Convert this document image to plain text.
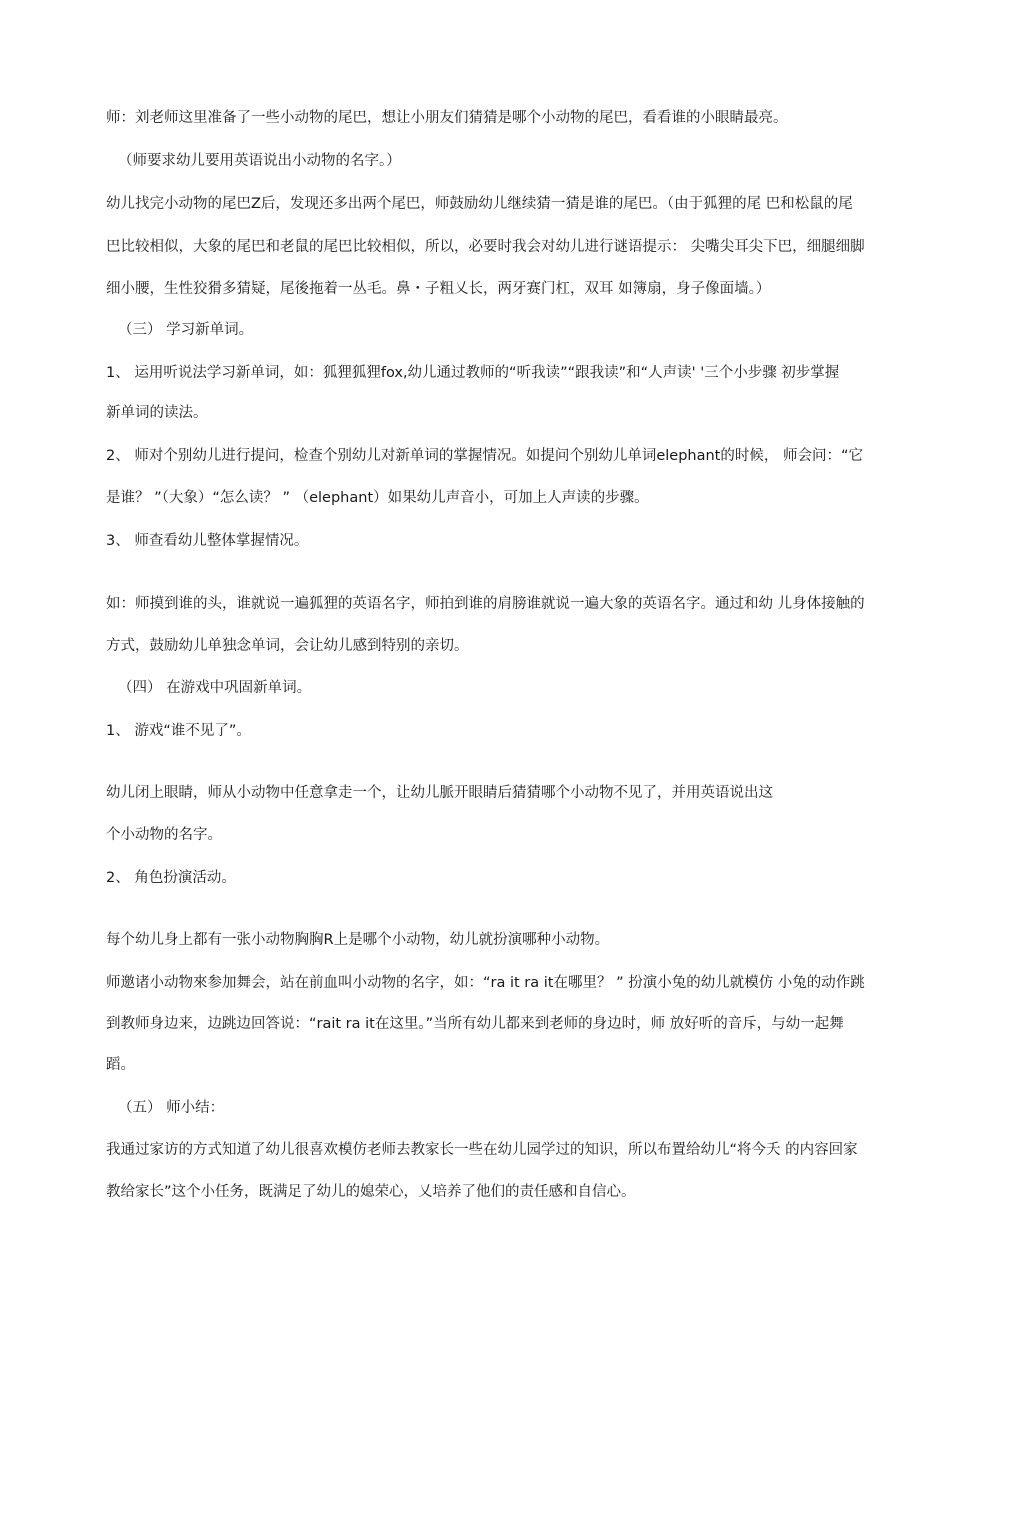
师：刘老师这里准备了一些小动物的尾巴，想让小朋友们猜猜是哪个小动物的尾巴，看看谁的小眼睛最亮。
（师要求幼儿要用英语说出小动物的名字。）
幼儿找完小动物的尾巴Z后，发现还多出两个尾巴，师鼓励幼儿继续猜一猜是谁的尾巴。（由于狐狸的尾 巴和松鼠的尾
巴比较相似，大象的尾巴和老鼠的尾巴比较相似，所以，必要时我会对幼儿进行谜语提示： 尖嘴尖耳尖下巴，细腿细脚
细小腰，生性狡猾多猜疑，尾後拖着一丛毛。鼻・子粗乂长，两牙赛门杠，双耳 如簿扇，身子像面墙。）
（三） 学习新单词。
1、 运用听说法学习新单词，如：狐狸狐狸fox,幼儿通过教师的“听我读”“跟我读”和“人声读' '三个小步骤 初步掌握
新单词的读法。
2、 师对个别幼儿进行提问，检查个别幼儿对新单词的掌握情况。如提问个别幼儿单词elephant的时候， 师会问：“它
是谁？ ”（大象）“怎么读？ ” （elephant）如果幼儿声音小，可加上人声读的步骤。
3、 师查看幼儿整体掌握情况。
如：师摸到谁的头，谁就说一遍狐狸的英语名字，师拍到谁的肩膀谁就说一遍大象的英语名字。通过和幼 儿身体接触的
方式，鼓励幼儿单独念单词，会让幼儿感到特别的亲切。
（四） 在游戏中巩固新单词。
1、 游戏“谁不见了”。
幼儿闭上眼睛，师从小动物中任意拿走一个，让幼儿脈开眼睛后猜猜哪个小动物不见了，并用英语说出这
个小动物的名字。
2、 角色扮演活动。
每个幼儿身上都有一张小动物胸胸R上是哪个小动物，幼儿就扮演哪种小动物。
师邀诸小动物來参加舞会，站在前血叫小动物的名字，如：“ra it ra it在哪里？ ” 扮演小兔的幼儿就模仿 小兔的动作跳
到教师身边来，边跳边回答说：“rait ra it在这里。”当所有幼儿都来到老师的身边时，师 放好听的音斥，与幼一起舞
蹈。
（五） 师小结：
我通过家访的方式知道了幼儿很喜欢模仿老师去教家长一些在幼儿园学过的知识，所以布置给幼儿“将今夭 的内容回家
教给家长”这个小任务，既满足了幼儿的媳荣心，乂培养了他们的责任感和自信心。
